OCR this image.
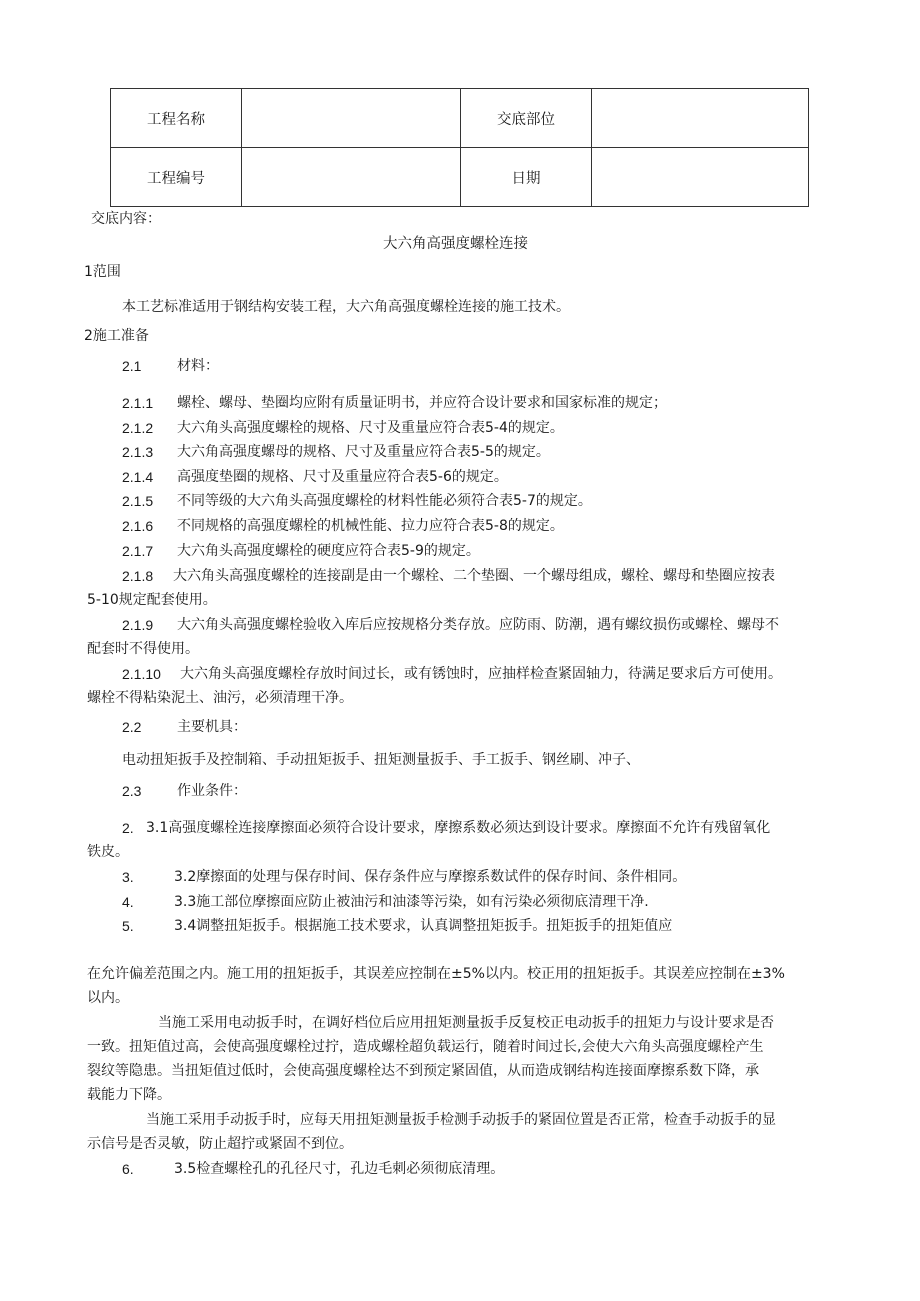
工程名称		交底部位	
工程编号		日期	
交底内容：
大六角高强度螺栓连接
1范围
本工艺标准适用于钢结构安装工程，大六角高强度螺栓连接的施工技术。
2施工准备
2.1	材料：
2.1.1 螺栓、螺母、垫圈均应附有质量证明书，并应符合设计要求和国家标准的规定；
2.1.2 大六角头高强度螺栓的规格、尺寸及重量应符合表5-4的规定。
2.1.3 大六角高强度螺母的规格、尺寸及重量应符合表5-5的规定。
2.1.4 高强度垫圈的规格、尺寸及重量应符合表5-6的规定。
2.1.5 不同等级的大六角头高强度螺栓的材料性能必须符合表5-7的规定。
2.1.6 不同规格的高强度螺栓的机械性能、拉力应符合表5-8的规定。
2.1.7 大六角头高强度螺栓的硬度应符合表5-9的规定。
2.1.8 大六角头高强度螺栓的连接副是由一个螺栓、二个垫圈、一个螺母组成，螺栓、螺母和垫圈应按表
5-10规定配套使用。
2.1.9 大六角头高强度螺栓验收入库后应按规格分类存放。应防雨、防潮，遇有螺纹损伤或螺栓、螺母不
配套时不得使用。
2.1.10 大六角头高强度螺栓存放时间过长，或有锈蚀时，应抽样检查紧固轴力，待满足要求后方可使用。
螺栓不得粘染泥土、油污，必须清理干净。
2.2	主要机具：
电动扭矩扳手及控制箱、手动扭矩扳手、扭矩测量扳手、手工扳手、钢丝刷、冲子、
2.3	作业条件：
2. 3.1高强度螺栓连接摩擦面必须符合设计要求，摩擦系数必须达到设计要求。摩擦面不允许有残留氧化
铁皮。
3.	3.2摩擦面的处理与保存时间、保存条件应与摩擦系数试件的保存时间、条件相同。
4.	3.3施工部位摩擦面应防止被油污和油漆等污染，如有污染必须彻底清理干净.
5.	3.4调整扭矩扳手。根据施工技术要求，认真调整扭矩扳手。扭矩扳手的扭矩值应
在允许偏差范围之内。施工用的扭矩扳手，其误差应控制在±5%以内。校正用的扭矩扳手。其误差应控制在±3%
以内。
当施工采用电动扳手时，在调好档位后应用扭矩测量扳手反复校正电动扳手的扭矩力与设计要求是否
一致。扭矩值过高，会使高强度螺栓过拧，造成螺栓超负载运行，随着时间过长,会使大六角头高强度螺栓产生
裂纹等隐患。当扭矩值过低时，会使高强度螺栓达不到预定紧固值，从而造成钢结构连接面摩擦系数下降，承
载能力下降。
当施工采用手动扳手时，应每天用扭矩测量扳手检测手动扳手的紧固位置是否正常，检查手动扳手的显
示信号是否灵敏，防止超拧或紧固不到位。
6.	3.5检查螺栓孔的孔径尺寸，孔边毛刺必须彻底清理。
